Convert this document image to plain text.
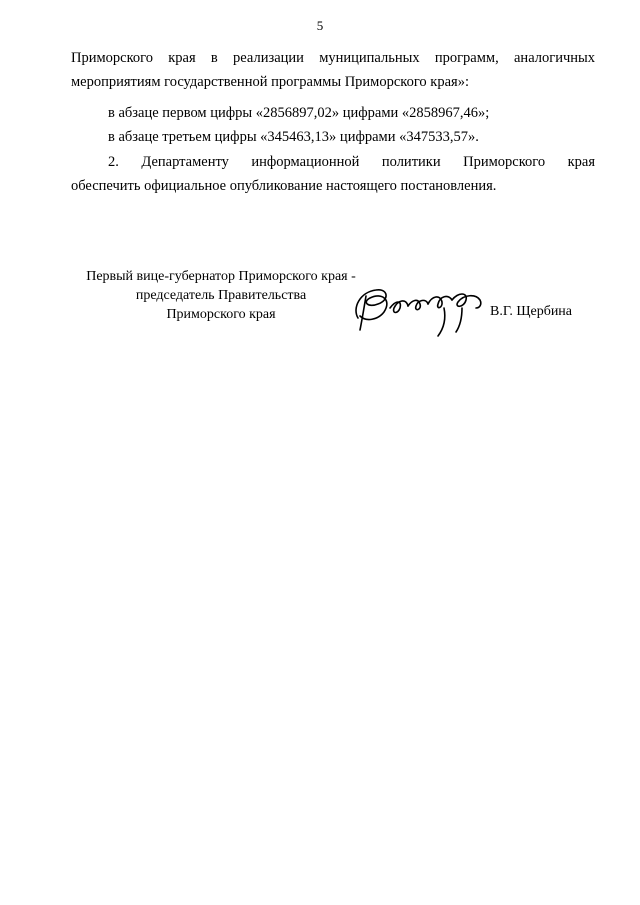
5
Приморского края в реализации муниципальных программ, аналогичных
мероприятиям государственной программы Приморского края»:
в абзаце первом цифры «2856897,02» цифрами «2858967,46»;
в абзаце третьем цифры «345463,13» цифрами «347533,57».
2. Департаменту информационной политики Приморского края
обеспечить официальное опубликование настоящего постановления.
Первый вице-губернатор Приморского края -
председатель Правительства
Приморского края	В.Г. Щербина
